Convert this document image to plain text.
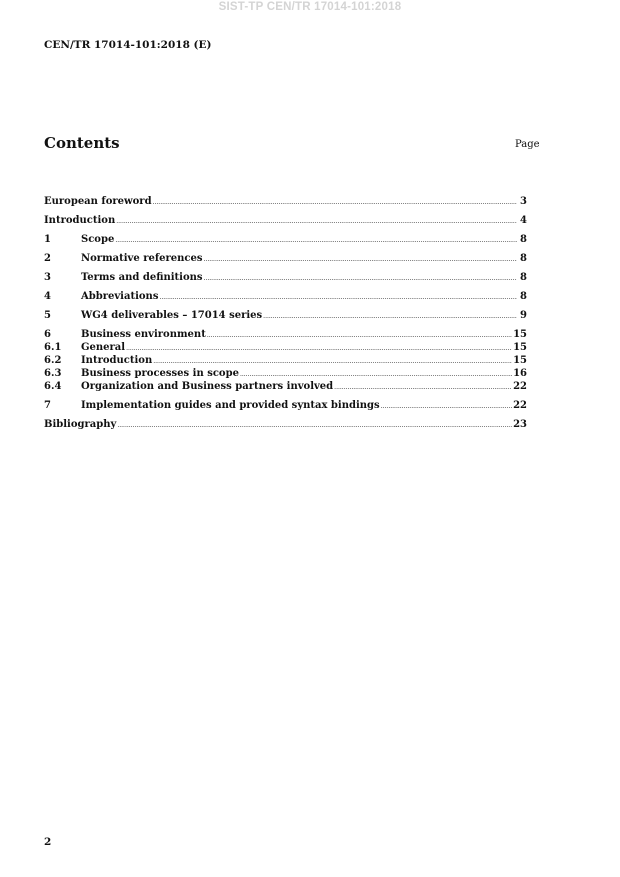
SIST-TP CEN/TR 17014-101:2018
CEN/TR 17014-101:2018 (E)
Contents	Page
European foreword .....	3
Introduction .....	4
1	Scope .....	8
2	Normative references .....	8
3	Terms and definitions .....	8
4	Abbreviations .....	8
5	WG4 deliverables – 17014 series .....	9
6	Business environment .....	15
6.1	General .....	15
6.2	Introduction .....	15
6.3	Business processes in scope .....	16
6.4	Organization and Business partners involved .....	22
7	Implementation guides and provided syntax bindings .....	22
Bibliography .....	23
2
